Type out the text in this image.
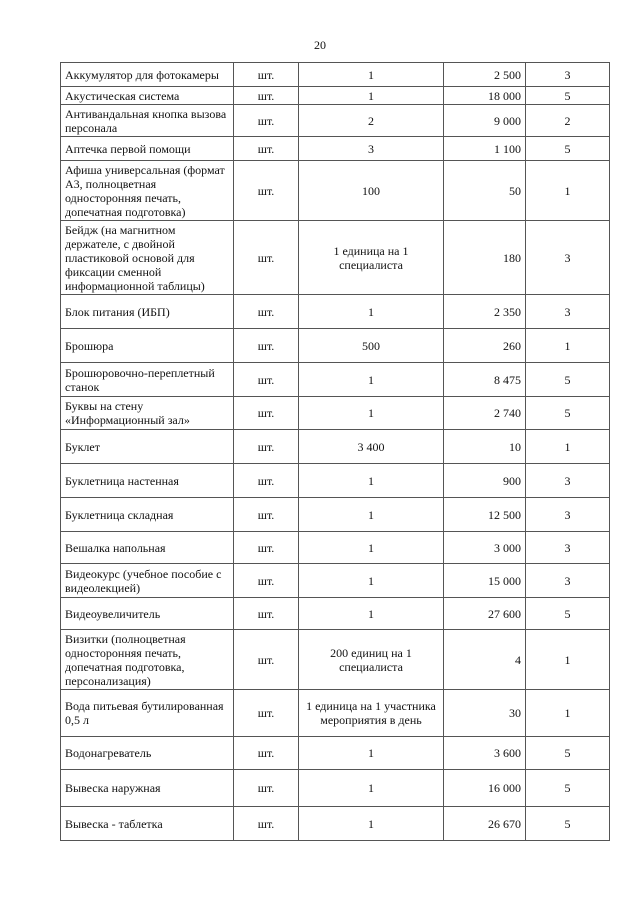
20
Аккумулятор для фотокамеры	шт.	1	2 500	3
Акустическая система	шт.	1	18 000	5
Антивандальная кнопка вызова персонала	шт.	2	9 000	2
Аптечка первой помощи	шт.	3	1 100	5
Афиша универсальная (формат А3, полноцветная односторонняя печать, допечатная подготовка)	шт.	100	50	1
Бейдж (на магнитном держателе, с двойной пластиковой основой для фиксации сменной информационной таблицы)	шт.	1 единица на 1 специалиста	180	3
Блок питания (ИБП)	шт.	1	2 350	3
Брошюра	шт.	500	260	1
Брошюровочно-переплетный станок	шт.	1	8 475	5
Буквы на стену «Информационный зал»	шт.	1	2 740	5
Буклет	шт.	3 400	10	1
Буклетница настенная	шт.	1	900	3
Буклетница складная	шт.	1	12 500	3
Вешалка напольная	шт.	1	3 000	3
Видеокурс (учебное пособие с видеолекцией)	шт.	1	15 000	3
Видеоувеличитель	шт.	1	27 600	5
Визитки (полноцветная односторонняя печать, допечатная подготовка, персонализация)	шт.	200 единиц на 1 специалиста	4	1
Вода питьевая бутилированная 0,5 л	шт.	1 единица на 1 участника мероприятия в день	30	1
Водонагреватель	шт.	1	3 600	5
Вывеска наружная	шт.	1	16 000	5
Вывеска - таблетка	шт.	1	26 670	5
